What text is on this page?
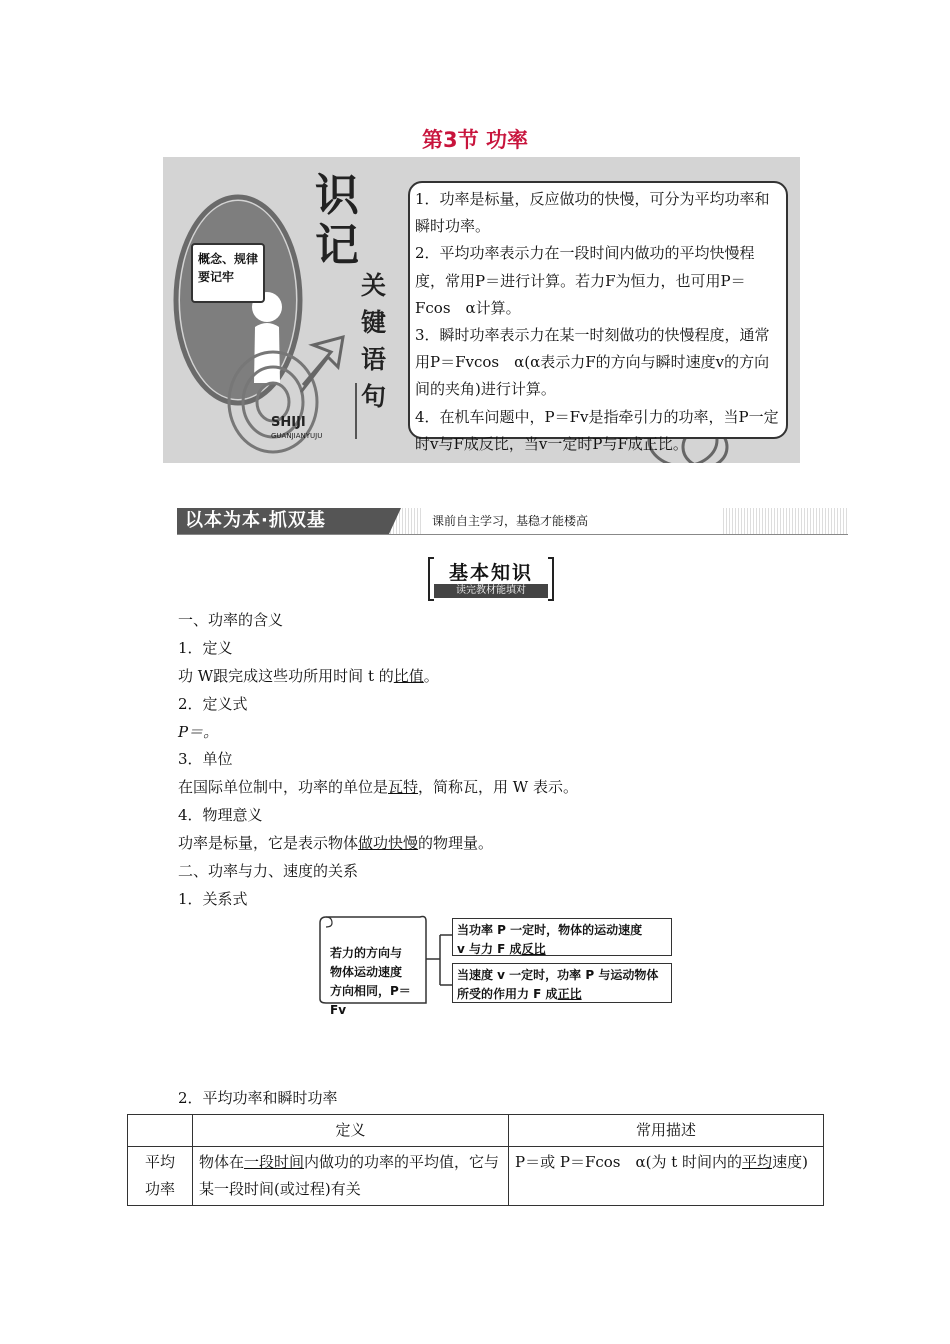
第3节 功率
概念、规律
要记牢
识
记
关
键
语
句
SHIJI
GUANJIANYUJU

1．功率是标量，反应做功的快慢，可分为平均功率和瞬时功率。

2．平均功率表示力在一段时间内做功的平均快慢程度，常用P＝进行计算。若力F为恒力，也可用P＝Fcos　α计算。

3．瞬时功率表示力在某一时刻做功的快慢程度，通常用P＝Fvcos　α(α表示力F的方向与瞬时速度v的方向间的夹角)进行计算。

4．在机车问题中，P＝Fv是指牵引力的功率，当P一定时v与F成反比，当v一定时P与F成正比。

以本为本·抓双基	课前自主学习，基稳才能楼高
基本知识
读完教材能填对
一、功率的含义
1．定义
功 W跟完成这些功所用时间 t 的比值。
2．定义式
P＝。
3．单位
在国际单位制中，功率的单位是瓦特，简称瓦，用 W 表示。
4．物理意义
功率是标量，它是表示物体做功快慢的物理量。
二、功率与力、速度的关系
1．关系式
若力的方向与
物体运动速度
方向相同，P＝Fv
当功率 P 一定时，物体的运动速度
v 与力 F 成反比
当速度 v 一定时，功率 P 与运动物体
所受的作用力 F 成正比
2．平均功率和瞬时功率
	定义	常用描述

平均
功率	物体在一段时间内做功的功率的平均值，它与某一段时间(或过程)有关	P＝或 P＝Fcos　α(为 t 时间内的平均速度)
